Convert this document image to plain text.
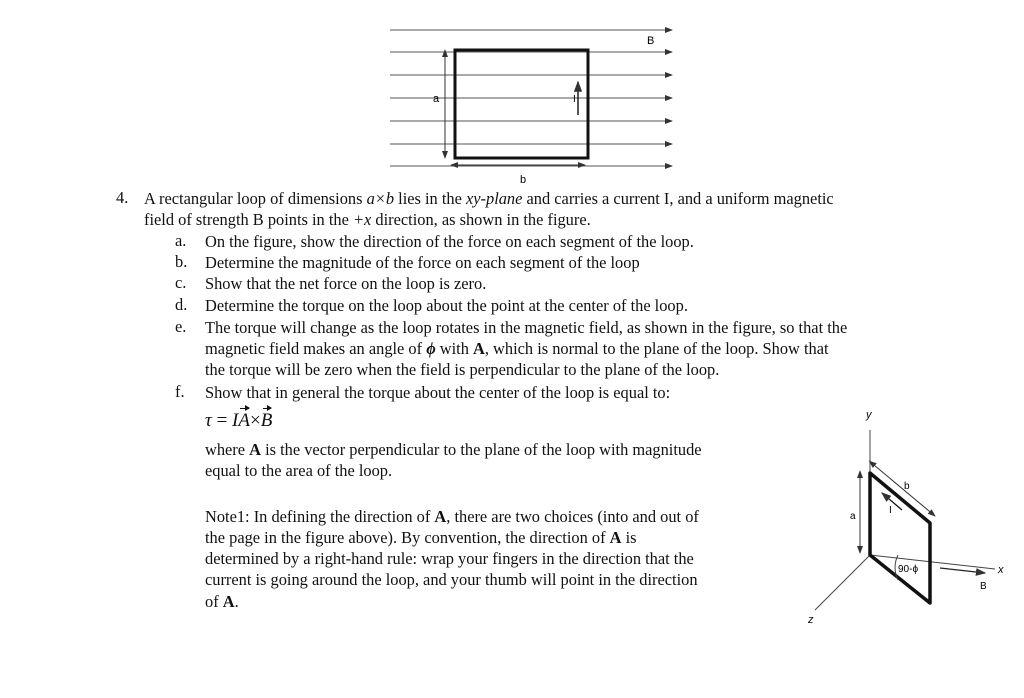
B
a
b
I
4. A rectangular loop of dimensions a×b lies in the xy-plane and carries a current I, and a uniform magnetic
field of strength B points in the +x direction, as shown in the figure.
a. On the figure, show the direction of the force on each segment of the loop.
b. Determine the magnitude of the force on each segment of the loop
c. Show that the net force on the loop is zero.
d. Determine the torque on the loop about the point at the center of the loop.
e. The torque will change as the loop rotates in the magnetic field, as shown in the figure, so that the
magnetic field makes an angle of ϕ with A, which is normal to the plane of the loop. Show that
the torque will be zero when the field is perpendicular to the plane of the loop.
f. Show that in general the torque about the center of the loop is equal to:
τ = IA×B
where A is the vector perpendicular to the plane of the loop with magnitude
equal to the area of the loop.
Note1: In defining the direction of A, there are two choices (into and out of
the page in the figure above). By convention, the direction of A is
determined by a right-hand rule: wrap your fingers in the direction that the
current is going around the loop, and your thumb will point in the direction
of A.
y
x
z
a
b
I
90-ϕ
B
